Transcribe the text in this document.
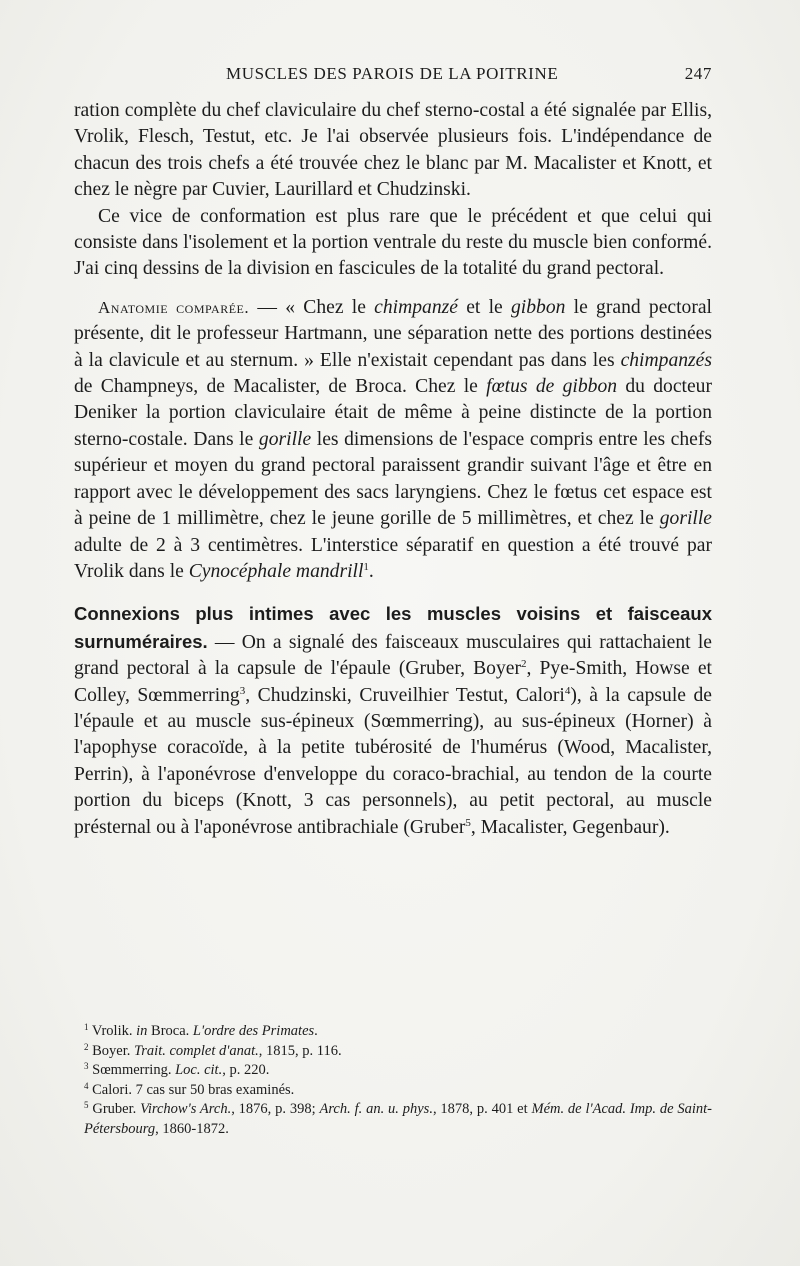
MUSCLES DES PAROIS DE LA POITRINE	247

ration complète du chef claviculaire du chef sterno-costal a été signalée par Ellis, Vrolik, Flesch, Testut, etc. Je l'ai observée plusieurs fois. L'indépendance de chacun des trois chefs a été trouvée chez le blanc par M. Macalister et Knott, et chez le nègre par Cuvier, Laurillard et Chudzinski.

Ce vice de conformation est plus rare que le précédent et que celui qui consiste dans l'isolement et la portion ventrale du reste du muscle bien conformé. J'ai cinq dessins de la division en fascicules de la totalité du grand pectoral.

Anatomie comparée. — « Chez le chimpanzé et le gibbon le grand pectoral présente, dit le professeur Hartmann, une séparation nette des portions destinées à la clavicule et au sternum. » Elle n'existait cependant pas dans les chimpanzés de Champneys, de Macalister, de Broca. Chez le fœtus de gibbon du docteur Deniker la portion claviculaire était de même à peine distincte de la portion sterno-costale. Dans le gorille les dimensions de l'espace compris entre les chefs supérieur et moyen du grand pectoral paraissent grandir suivant l'âge et être en rapport avec le développement des sacs laryngiens. Chez le fœtus cet espace est à peine de 1 millimètre, chez le jeune gorille de 5 millimètres, et chez le gorille adulte de 2 à 3 centimètres. L'interstice séparatif en question a été trouvé par Vrolik dans le Cynocéphale mandrill$^1$.

Connexions plus intimes avec les muscles voisins et faisceaux surnuméraires. — On a signalé des faisceaux musculaires qui rattachaient le grand pectoral à la capsule de l'épaule (Gruber, Boyer$^2$, Pye-Smith, Howse et Colley, Sœmmerring$^3$, Chudzinski, Cruveilhier Testut, Calori$^4$), à la capsule de l'épaule et au muscle sus-épineux (Sœmmerring), au sus-épineux (Horner) à l'apophyse coracoïde, à la petite tubérosité de l'humérus (Wood, Macalister, Perrin), à l'aponévrose d'enveloppe du coraco-brachial, au tendon de la courte portion du biceps (Knott, 3 cas personnels), au petit pectoral, au muscle présternal ou à l'aponévrose antibrachiale (Gruber$^5$, Macalister, Gegenbaur).

$^1$ Vrolik. in Broca. L'ordre des Primates.

$^2$ Boyer. Trait. complet d'anat., 1815, p. 116.

$^3$ Sœmmerring. Loc. cit., p. 220.

$^4$ Calori. 7 cas sur 50 bras examinés.

$^5$ Gruber. Virchow's Arch., 1876, p. 398; Arch. f. an. u. phys., 1878, p. 401 et Mém. de l'Acad. Imp. de Saint-Pétersbourg, 1860-1872.
